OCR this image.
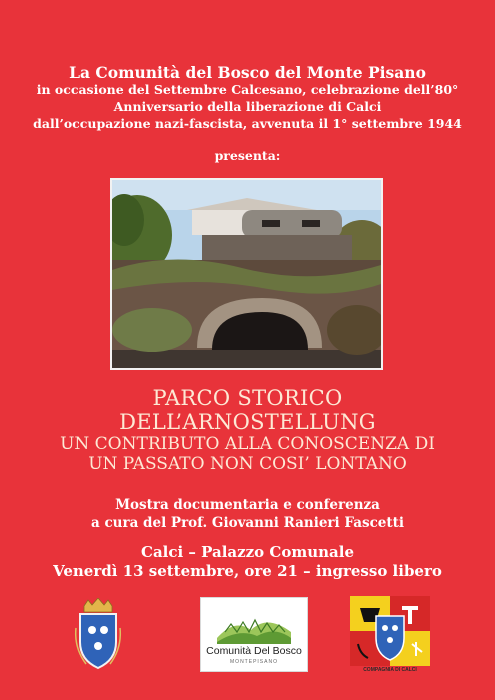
La Comunità del Bosco del Monte Pisano
in occasione del Settembre Calcesano, celebrazione dell’80°
Anniversario della liberazione di Calci
dall’occupazione nazi-fascista, avvenuta il 1° settembre 1944
presenta:
PARCO STORICO
DELL’ARNOSTELLUNG
UN CONTRIBUTO ALLA CONOSCENZA DI
UN PASSATO NON COSI’ LONTANO
Mostra documentaria e conferenza
a cura del Prof. Giovanni Ranieri Fascetti
Calci – Palazzo Comunale
Venerdì 13 settembre, ore 21 – ingresso libero
Comunità Del Bosco
MONTEPISANO
COMPAGNIA DI CALCI
